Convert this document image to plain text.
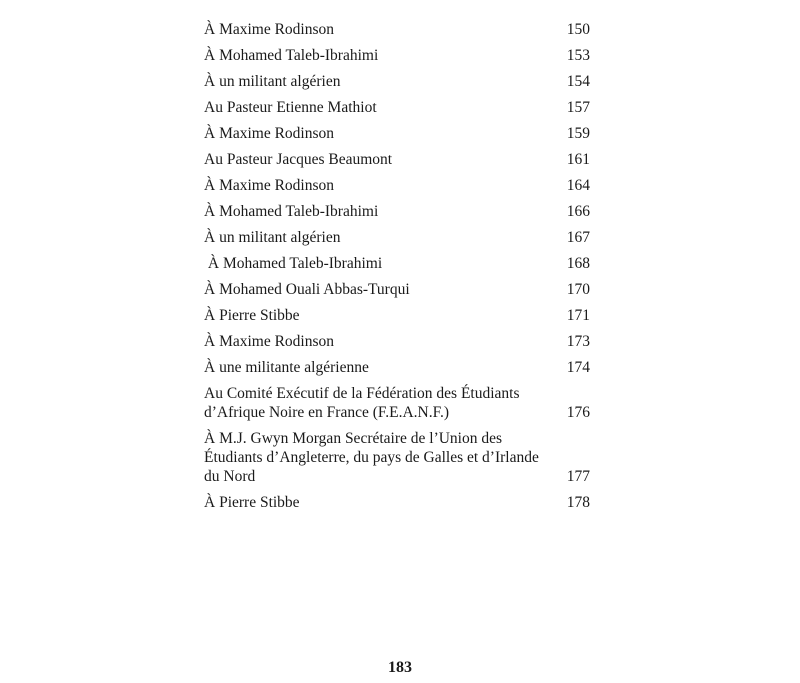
À Maxime Rodinson	150
À Mohamed Taleb-Ibrahimi	153
À un militant algérien	154
Au Pasteur Etienne Mathiot	157
À Maxime Rodinson	159
Au Pasteur Jacques Beaumont	161
À Maxime Rodinson	164
À Mohamed Taleb-Ibrahimi	166
À un militant algérien	167
À Mohamed Taleb-Ibrahimi	168
À Mohamed Ouali Abbas-Turqui	170
À Pierre Stibbe	171
À Maxime Rodinson	173
À une militante algérienne	174
Au Comité Exécutif de la Fédération des Étudiants d’Afrique Noire en France (F.E.A.N.F.)	176
À M.J. Gwyn Morgan Secrétaire de l’Union des Étudiants d’Angleterre, du pays de Galles et d’Irlande du Nord	177
À Pierre Stibbe	178
183
